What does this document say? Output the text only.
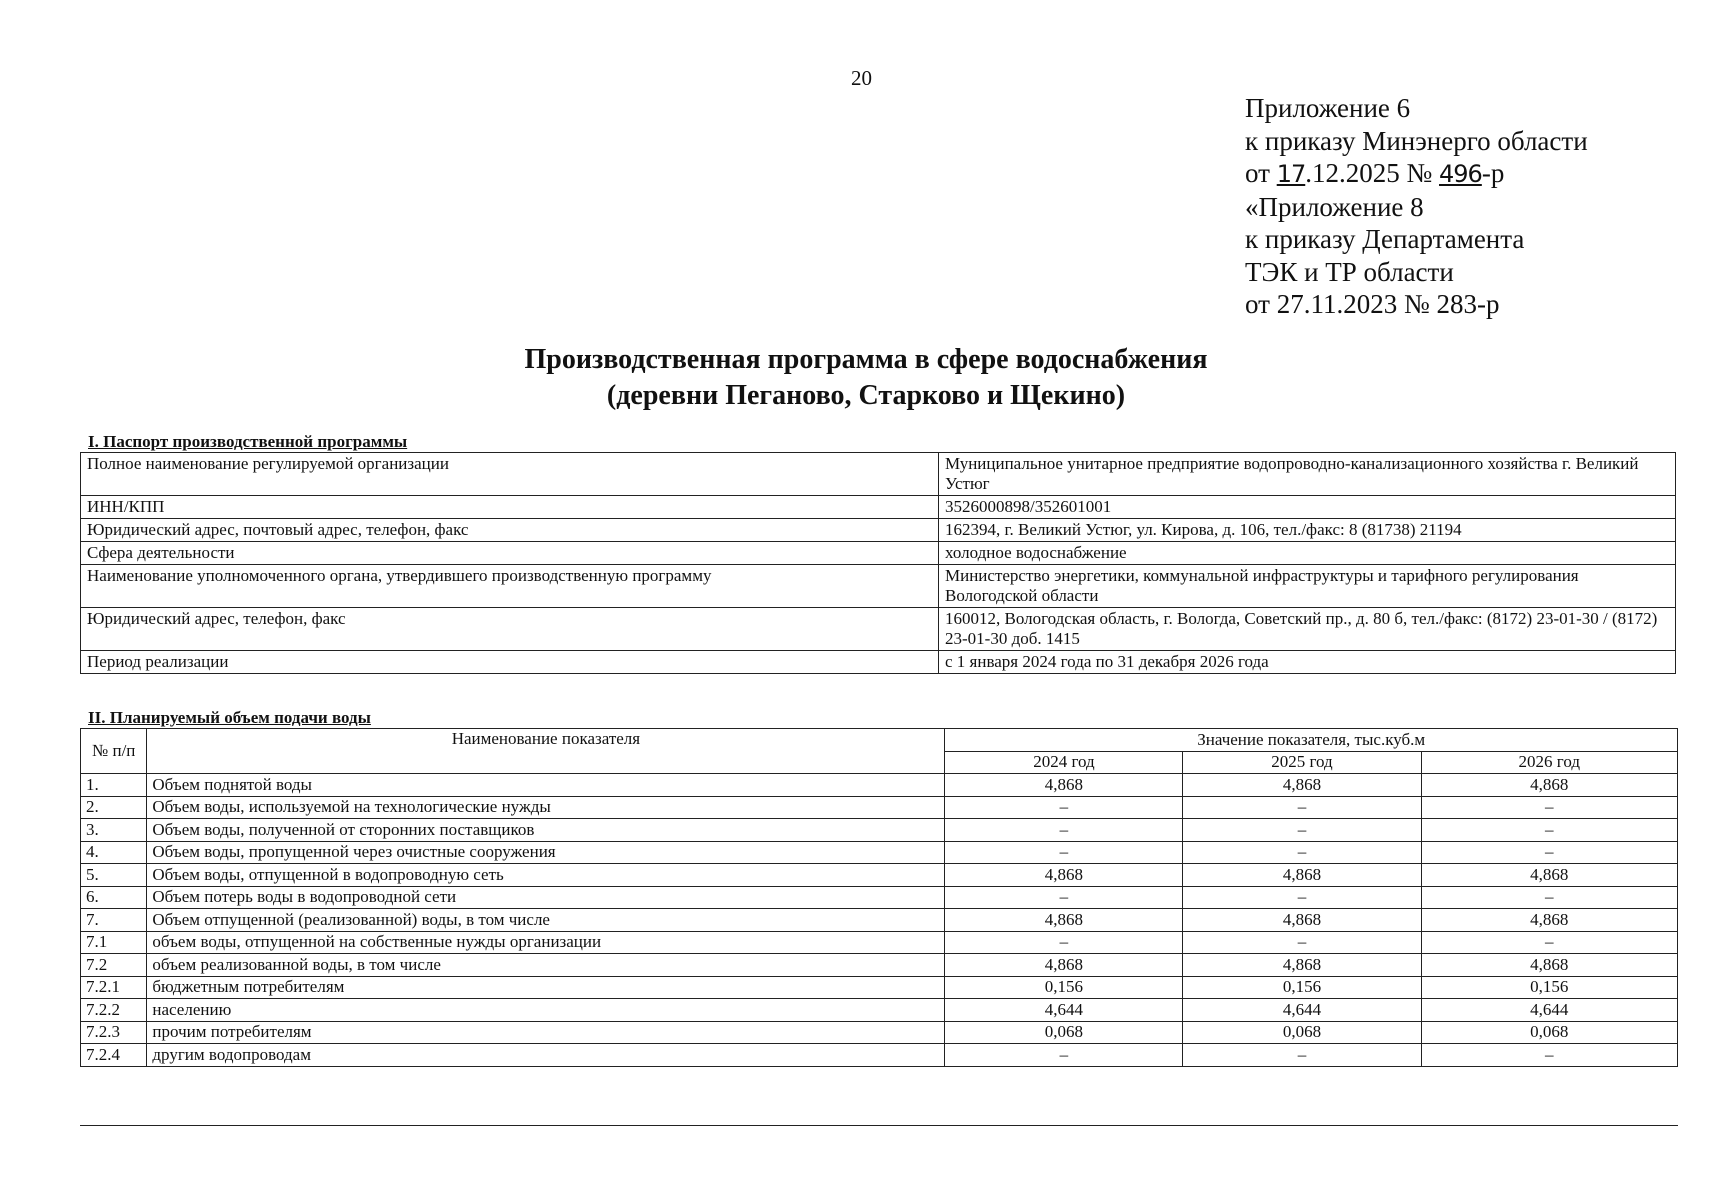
20
Приложение 6
к приказу Минэнерго области
от 17.12.2025 № 496-р
«Приложение 8
к приказу Департамента
ТЭК и ТР области
от 27.11.2023 № 283-р
Производственная программа в сфере водоснабжения
(деревни Пеганово, Старково и Щекино)
I. Паспорт производственной программы
Полное наименование регулируемой организации	Муниципальное унитарное предприятие водопроводно-канализационного хозяйства г. Великий Устюг
ИНН/КПП	3526000898/352601001
Юридический адрес, почтовый адрес, телефон, факс	162394, г. Великий Устюг, ул. Кирова, д. 106, тел./факс: 8 (81738) 21194
Сфера деятельности	холодное водоснабжение
Наименование уполномоченного органа, утвердившего производственную программу	Министерство энергетики, коммунальной инфраструктуры и тарифного регулирования Вологодской области
Юридический адрес, телефон, факс	160012, Вологодская область, г. Вологда, Советский пр., д. 80 б, тел./факс: (8172) 23-01-30 / (8172) 23-01-30 доб. 1415
Период реализации	с 1 января 2024 года по 31 декабря 2026 года
II. Планируемый объем подачи воды
№ п/п	Наименование показателя	Значение показателя, тыс.куб.м		
		2024 год	2025 год	2026 год
1.	Объем поднятой воды	4,868	4,868	4,868
2.	Объем воды, используемой на технологические нужды	–	–	–
3.	Объем воды, полученной от сторонних поставщиков	–	–	–
4.	Объем воды, пропущенной через очистные сооружения	–	–	–
5.	Объем воды, отпущенной в водопроводную сеть	4,868	4,868	4,868
6.	Объем потерь воды в водопроводной сети	–	–	–
7.	Объем отпущенной (реализованной) воды, в том числе	4,868	4,868	4,868
7.1	объем воды, отпущенной на собственные нужды организации	–	–	–
7.2	объем реализованной воды, в том числе	4,868	4,868	4,868
7.2.1	бюджетным потребителям	0,156	0,156	0,156
7.2.2	населению	4,644	4,644	4,644
7.2.3	прочим потребителям	0,068	0,068	0,068
7.2.4	другим водопроводам	–	–	–
